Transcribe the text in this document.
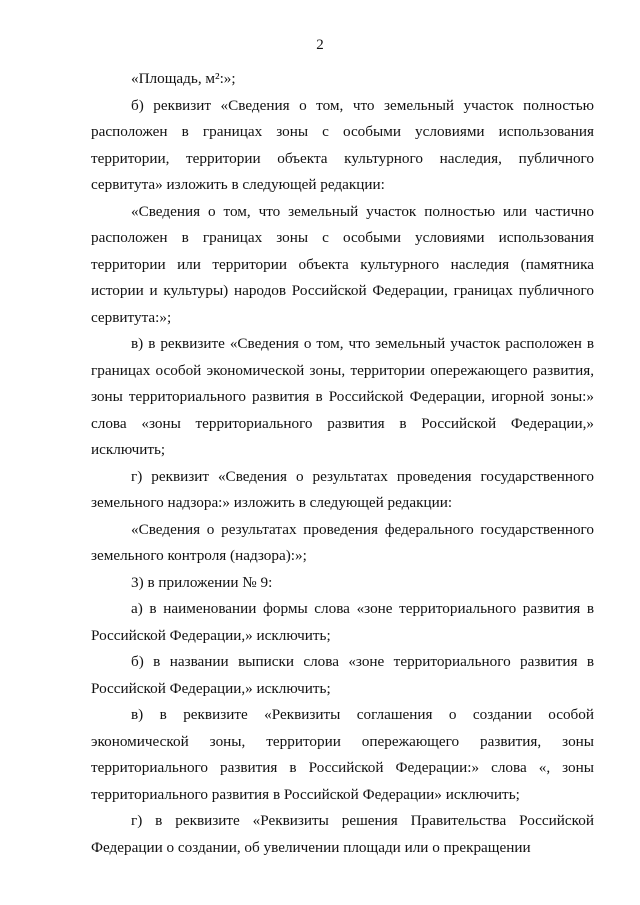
2

«Площадь, м²:»;

б) реквизит «Сведения о том, что земельный участок полностью расположен в границах зоны с особыми условиями использования территории, территории объекта культурного наследия, публичного сервитута» изложить в следующей редакции:

«Сведения о том, что земельный участок полностью или частично расположен в границах зоны с особыми условиями использования территории или территории объекта культурного наследия (памятника истории и культуры) народов Российской Федерации, границах публичного сервитута:»;

в) в реквизите «Сведения о том, что земельный участок расположен в границах особой экономической зоны, территории опережающего развития, зоны территориального развития в Российской Федерации, игорной зоны:» слова «зоны территориального развития в Российской Федерации,» исключить;

г) реквизит «Сведения о результатах проведения государственного земельного надзора:» изложить в следующей редакции:

«Сведения о результатах проведения федерального государственного земельного контроля (надзора):»;

3) в приложении № 9:

а) в наименовании формы слова «зоне территориального развития в Российской Федерации,» исключить;

б) в названии выписки слова «зоне территориального развития в Российской Федерации,» исключить;

в) в реквизите «Реквизиты соглашения о создании особой экономической зоны, территории опережающего развития, зоны территориального развития в Российской Федерации:» слова «, зоны территориального развития в Российской Федерации» исключить;

г) в реквизите «Реквизиты решения Правительства Российской Федерации о создании, об увеличении площади или о прекращении
